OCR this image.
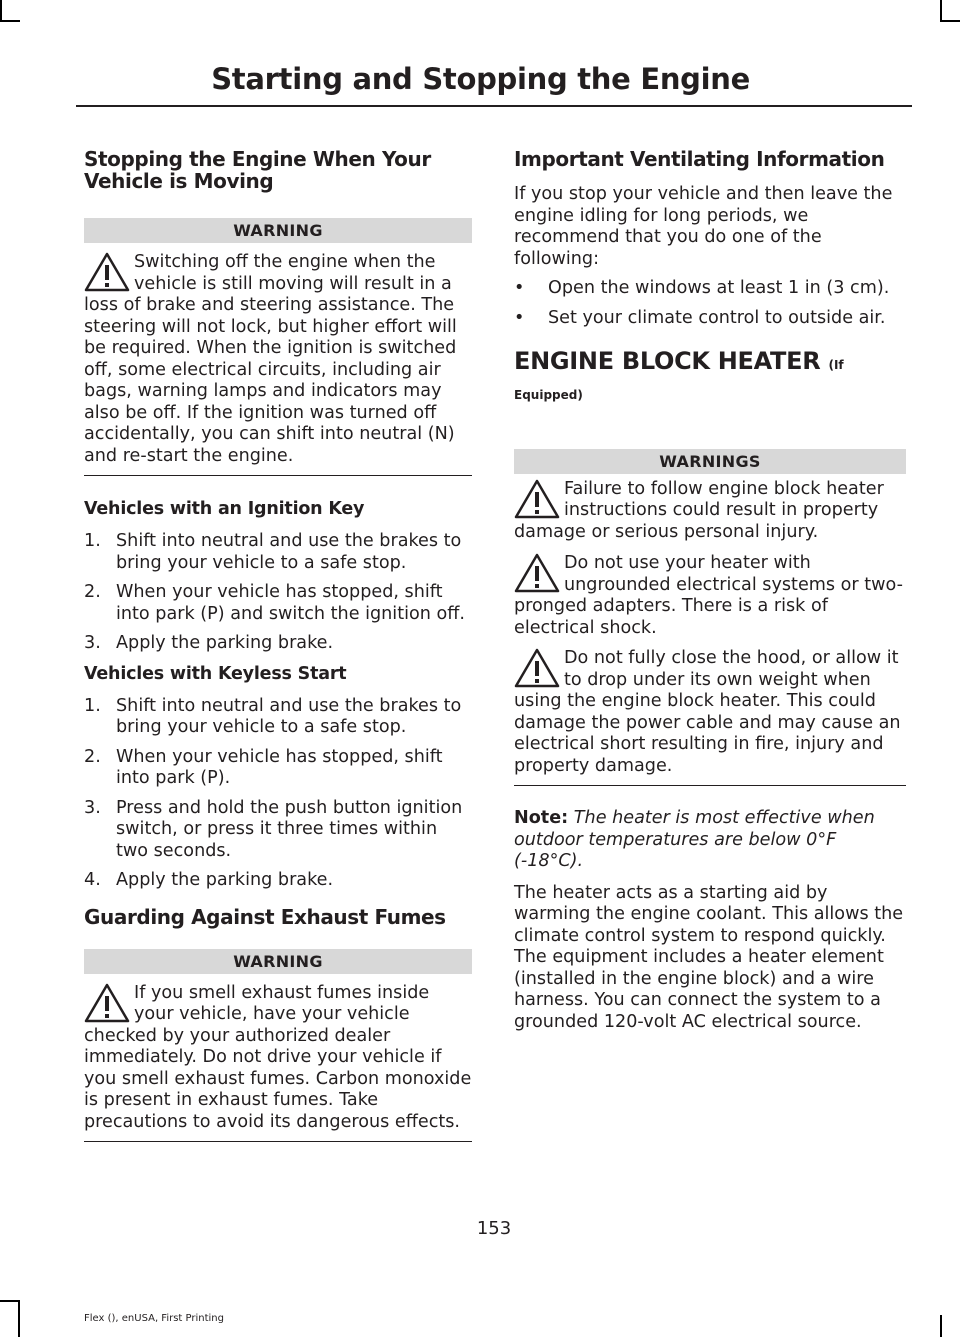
Starting and Stopping the Engine
Stopping the Engine When Your Vehicle is Moving
WARNING

Switching off the engine when the vehicle is still moving will result in a loss of brake and steering assistance. The steering will not lock, but higher effort will be required. When the ignition is switched off, some electrical circuits, including air bags, warning lamps and indicators may also be off. If the ignition was turned off accidentally, you can shift into neutral (N) and re-start the engine.

Vehicles with an Ignition Key
1. Shift into neutral and use the brakes to bring your vehicle to a safe stop.
2. When your vehicle has stopped, shift into park (P) and switch the ignition off.
3. Apply the parking brake.
Vehicles with Keyless Start
1. Shift into neutral and use the brakes to bring your vehicle to a safe stop.
2. When your vehicle has stopped, shift into park (P).
3. Press and hold the push button ignition switch, or press it three times within two seconds.
4. Apply the parking brake.
Guarding Against Exhaust Fumes
WARNING

If you smell exhaust fumes inside your vehicle, have your vehicle checked by your authorized dealer immediately. Do not drive your vehicle if you smell exhaust fumes. Carbon monoxide is present in exhaust fumes. Take precautions to avoid its dangerous effects.

Important Ventilating Information

If you stop your vehicle and then leave the engine idling for long periods, we recommend that you do one of the following:

• Open the windows at least 1 in (3 cm).
• Set your climate control to outside air.
ENGINE BLOCK HEATER (If

Equipped)

WARNINGS

Failure to follow engine block heater instructions could result in property damage or serious personal injury.

Do not use your heater with ungrounded electrical systems or two-pronged adapters. There is a risk of electrical shock.

Do not fully close the hood, or allow it to drop under its own weight when using the engine block heater. This could damage the power cable and may cause an electrical short resulting in fire, injury and property damage.

Note: The heater is most effective when outdoor temperatures are below 0°F (-18°C).

The heater acts as a starting aid by warming the engine coolant. This allows the climate control system to respond quickly. The equipment includes a heater element (installed in the engine block) and a wire harness. You can connect the system to a grounded 120-volt AC electrical source.

153
Flex (), enUSA, First Printing
